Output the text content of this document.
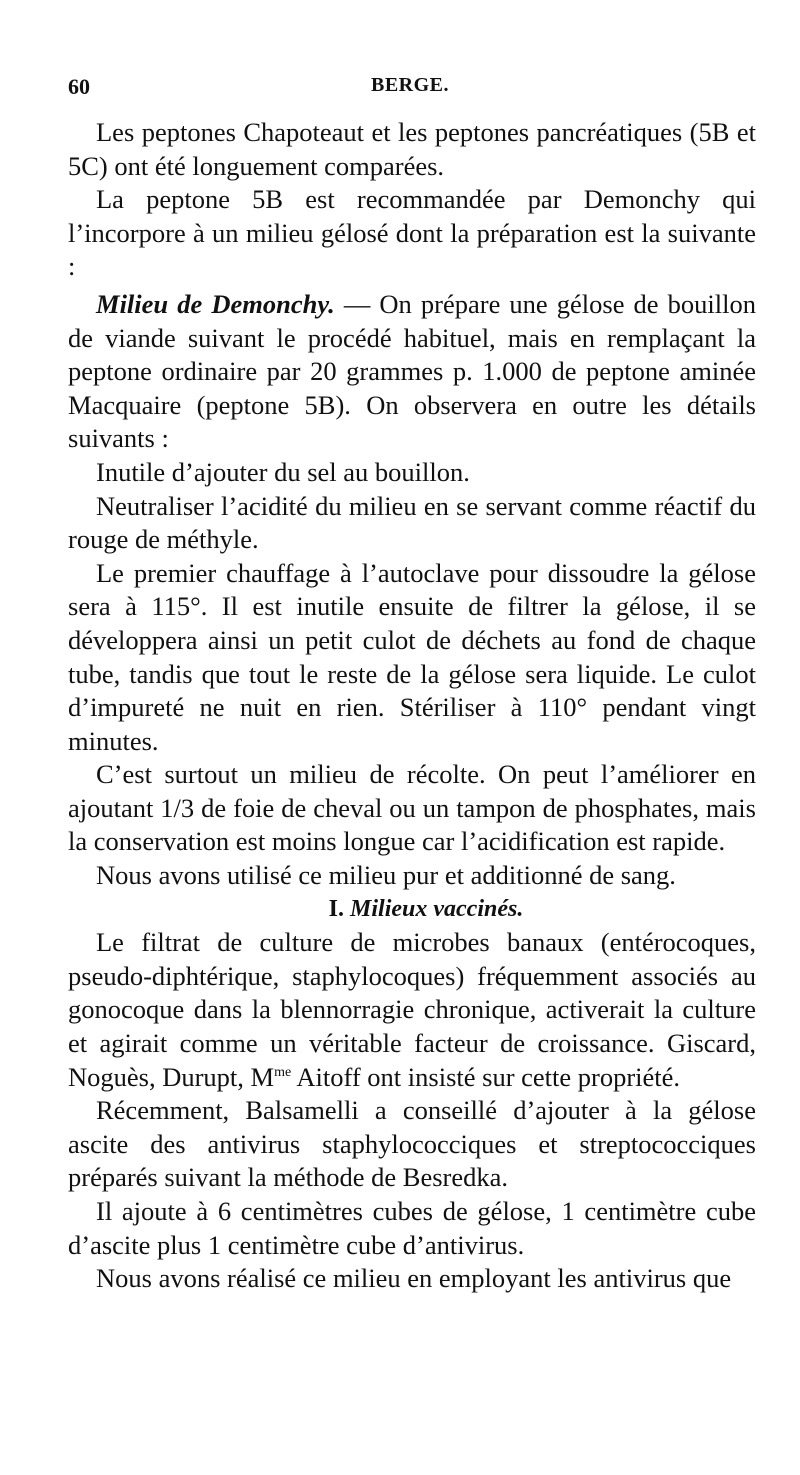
60	BERGE.

Les peptones Chapoteaut et les peptones pancréatiques (5B et 5C) ont été longuement comparées.

La peptone 5B est recommandée par Demonchy qui l’incorpore à un milieu gélosé dont la préparation est la suivante :

Milieu de Demonchy. — On prépare une gélose de bouillon de viande suivant le procédé habituel, mais en remplaçant la peptone ordinaire par 20 grammes p. 1.000 de peptone aminée Macquaire (peptone 5B). On observera en outre les détails suivants :

Inutile d’ajouter du sel au bouillon.

Neutraliser l’acidité du milieu en se servant comme réactif du rouge de méthyle.

Le premier chauffage à l’autoclave pour dissoudre la gélose sera à 115°. Il est inutile ensuite de filtrer la gélose, il se développera ainsi un petit culot de déchets au fond de chaque tube, tandis que tout le reste de la gélose sera liquide. Le culot d’impureté ne nuit en rien. Stériliser à 110° pendant vingt minutes.

C’est surtout un milieu de récolte. On peut l’améliorer en ajoutant 1/3 de foie de cheval ou un tampon de phosphates, mais la conservation est moins longue car l’acidification est rapide.

Nous avons utilisé ce milieu pur et additionné de sang.

I. Milieux vaccinés.

Le filtrat de culture de microbes banaux (entérocoques, pseudo-diphtérique, staphylocoques) fréquemment associés au gonocoque dans la blennorragie chronique, activerait la culture et agirait comme un véritable facteur de croissance. Giscard, Noguès, Durupt, $M^{me}$ Aitoff ont insisté sur cette propriété.

Récemment, Balsamelli a conseillé d’ajouter à la gélose ascite des antivirus staphylococciques et streptococciques préparés suivant la méthode de Besredka.

Il ajoute à 6 centimètres cubes de gélose, 1 centimètre cube d’ascite plus 1 centimètre cube d’antivirus.

Nous avons réalisé ce milieu en employant les antivirus que
